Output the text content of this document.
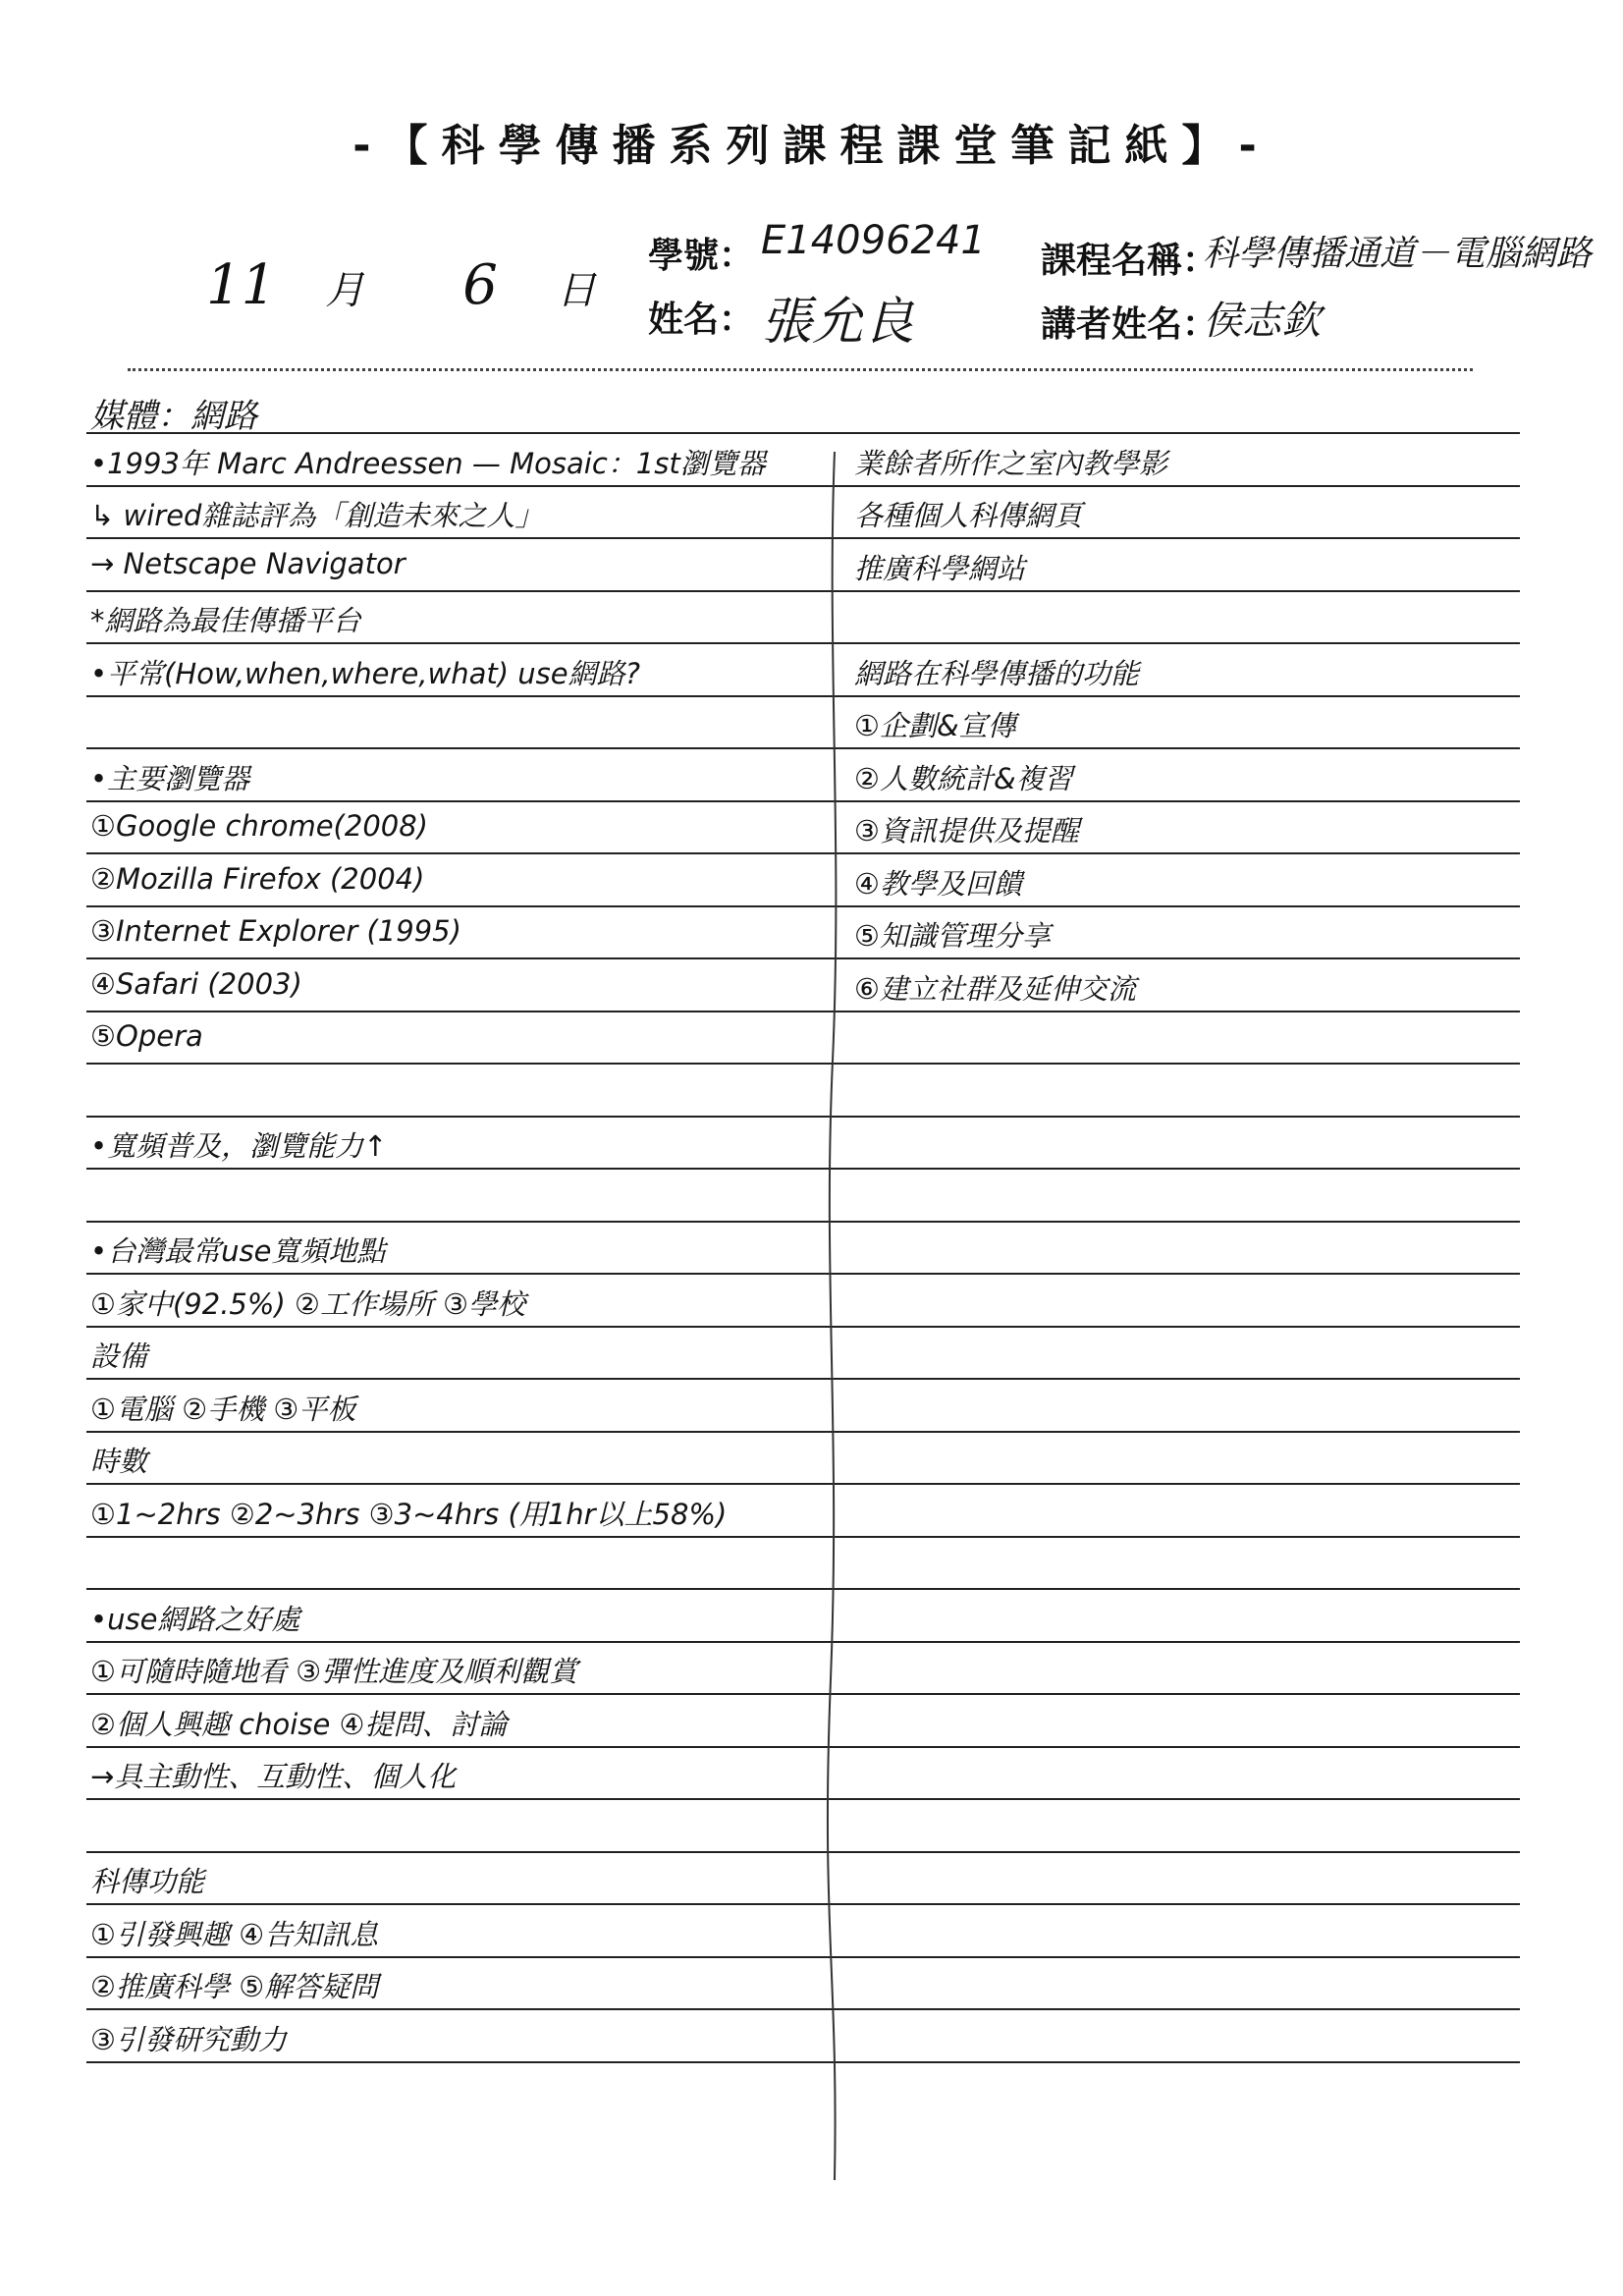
-【科學傳播系列課程課堂筆記紙】-
11 月 6 日
學號： E14096241
姓名： 張允良
課程名稱：
科學傳播通道－電腦網路
講者姓名：
侯志欽
媒體：網路
•1993年 Marc Andreessen — Mosaic：1st瀏覽器
↳ wired雜誌評為「創造未來之人」
→ Netscape Navigator
*網路為最佳傳播平台
•平常(How,when,where,what) use網路?
•主要瀏覽器
①Google chrome(2008)
②Mozilla Firefox (2004)
③Internet Explorer (1995)
④Safari (2003)
⑤Opera
•寬頻普及，瀏覽能力↑
•台灣最常use寬頻地點
①家中(92.5%) ②工作場所 ③學校
設備
①電腦 ②手機 ③平板
時數
①1~2hrs ②2~3hrs ③3~4hrs (用1hr以上58%)
•use網路之好處
①可隨時隨地看 ③彈性進度及順利觀賞
②個人興趣 choise ④提問、討論
→具主動性、互動性、個人化
科傳功能
①引發興趣 ④告知訊息
②推廣科學 ⑤解答疑問
③引發研究動力
業餘者所作之室內教學影
各種個人科傳網頁
推廣科學網站
網路在科學傳播的功能
①企劃&宣傳
②人數統計&複習
③資訊提供及提醒
④教學及回饋
⑤知識管理分享
⑥建立社群及延伸交流
